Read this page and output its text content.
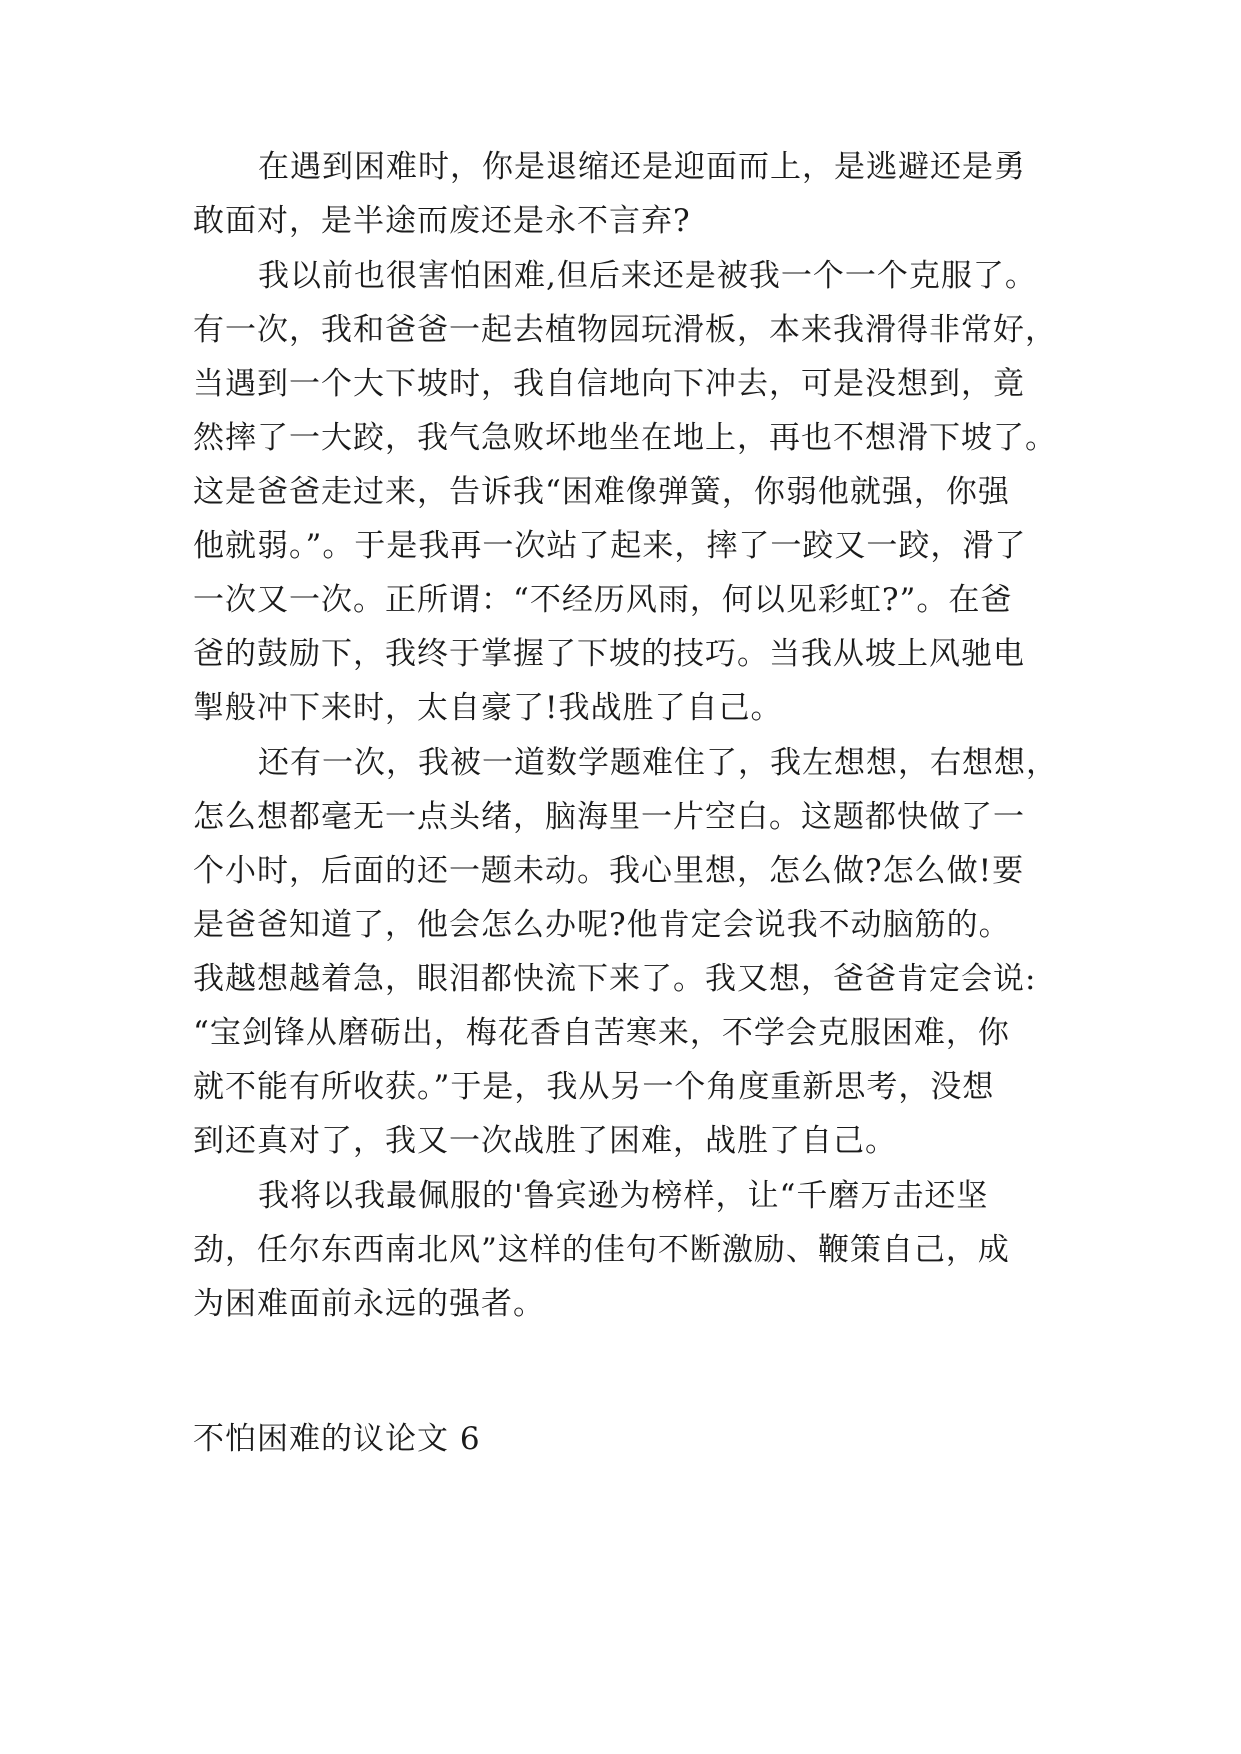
在遇到困难时，你是退缩还是迎面而上，是逃避还是勇
敢面对，是半途而废还是永不言弃?
我以前也很害怕困难,但后来还是被我一个一个克服了。
有一次，我和爸爸一起去植物园玩滑板，本来我滑得非常好，
当遇到一个大下坡时，我自信地向下冲去，可是没想到，竟
然摔了一大跤，我气急败坏地坐在地上，再也不想滑下坡了。
这是爸爸走过来，告诉我“困难像弹簧，你弱他就强，你强
他就弱。”。于是我再一次站了起来，摔了一跤又一跤，滑了
一次又一次。正所谓：“不经历风雨，何以见彩虹?”。在爸
爸的鼓励下，我终于掌握了下坡的技巧。当我从坡上风驰电
掣般冲下来时，太自豪了!我战胜了自己。
还有一次，我被一道数学题难住了，我左想想，右想想，
怎么想都毫无一点头绪，脑海里一片空白。这题都快做了一
个小时，后面的还一题未动。我心里想，怎么做?怎么做!要
是爸爸知道了，他会怎么办呢?他肯定会说我不动脑筋的。
我越想越着急，眼泪都快流下来了。我又想，爸爸肯定会说:
“宝剑锋从磨砺出，梅花香自苦寒来，不学会克服困难，你
就不能有所收获。”于是，我从另一个角度重新思考，没想
到还真对了，我又一次战胜了困难，战胜了自己。
我将以我最佩服的'鲁宾逊为榜样，让“千磨万击还坚
劲，任尔东西南北风”这样的佳句不断激励、鞭策自己，成
为困难面前永远的强者。
不怕困难的议论文 6
